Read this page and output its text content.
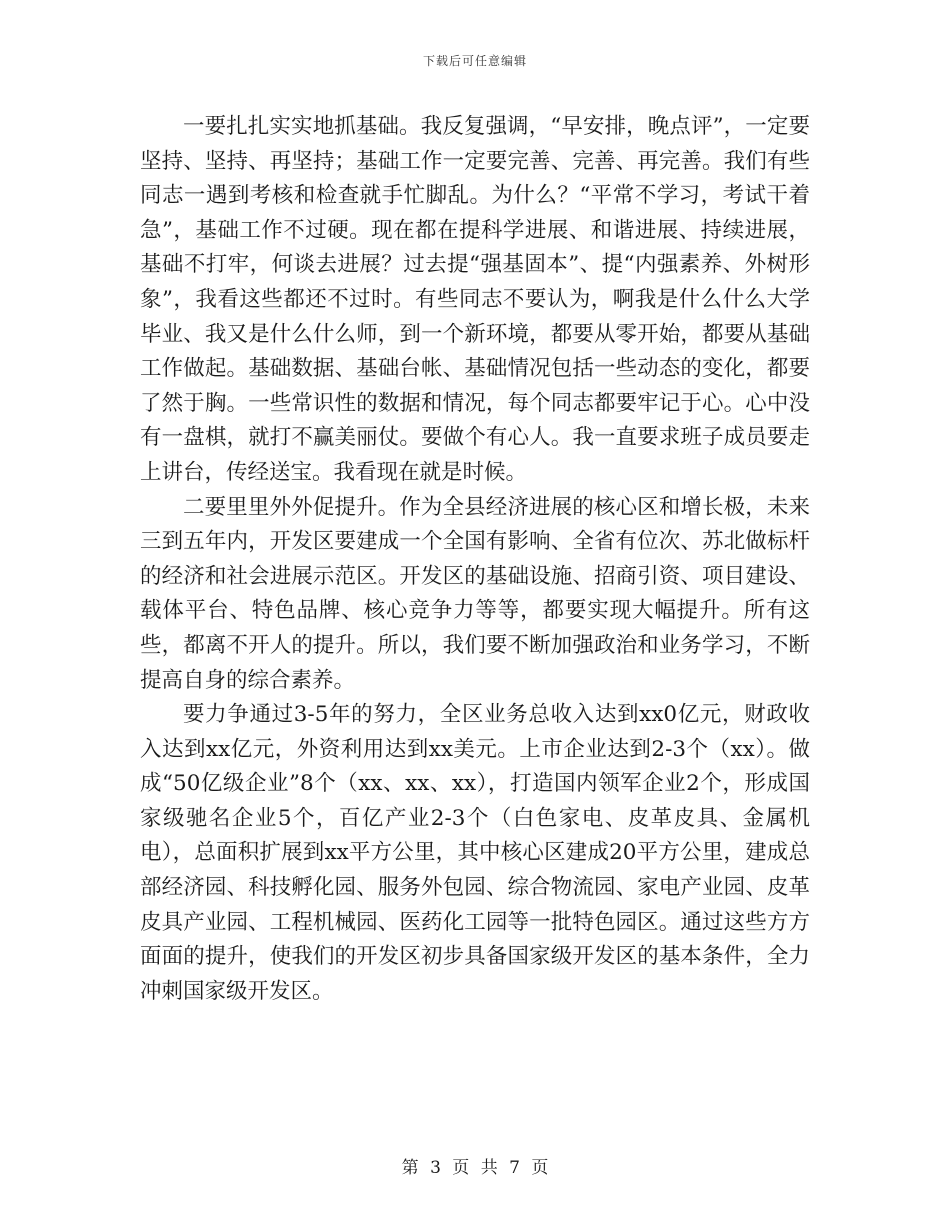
下载后可任意编辑

一要扎扎实实地抓基础。我反复强调，“早安排，晚点评”，一定要坚持、坚持、再坚持；基础工作一定要完善、完善、再完善。我们有些同志一遇到考核和检查就手忙脚乱。为什么？“平常不学习，考试干着急”，基础工作不过硬。现在都在提科学进展、和谐进展、持续进展，基础不打牢，何谈去进展？过去提“强基固本”、提“内强素养、外树形象”，我看这些都还不过时。有些同志不要认为，啊我是什么什么大学毕业、我又是什么什么师，到一个新环境，都要从零开始，都要从基础工作做起。基础数据、基础台帐、基础情况包括一些动态的变化，都要了然于胸。一些常识性的数据和情况，每个同志都要牢记于心。心中没有一盘棋，就打不赢美丽仗。要做个有心人。我一直要求班子成员要走上讲台，传经送宝。我看现在就是时候。

二要里里外外促提升。作为全县经济进展的核心区和增长极，未来三到五年内，开发区要建成一个全国有影响、全省有位次、苏北做标杆的经济和社会进展示范区。开发区的基础设施、招商引资、项目建设、载体平台、特色品牌、核心竞争力等等，都要实现大幅提升。所有这些，都离不开人的提升。所以，我们要不断加强政治和业务学习，不断提高自身的综合素养。

要力争通过3-5年的努力，全区业务总收入达到xx0亿元，财政收入达到xx亿元，外资利用达到xx美元。上市企业达到2-3个（xx）。做成“50亿级企业”8个（xx、xx、xx），打造国内领军企业2个，形成国家级驰名企业5个，百亿产业2-3个（白色家电、皮革皮具、金属机电），总面积扩展到xx平方公里，其中核心区建成20平方公里，建成总部经济园、科技孵化园、服务外包园、综合物流园、家电产业园、皮革皮具产业园、工程机械园、医药化工园等一批特色园区。通过这些方方面面的提升，使我们的开发区初步具备国家级开发区的基本条件，全力冲刺国家级开发区。

第 3 页 共 7 页
